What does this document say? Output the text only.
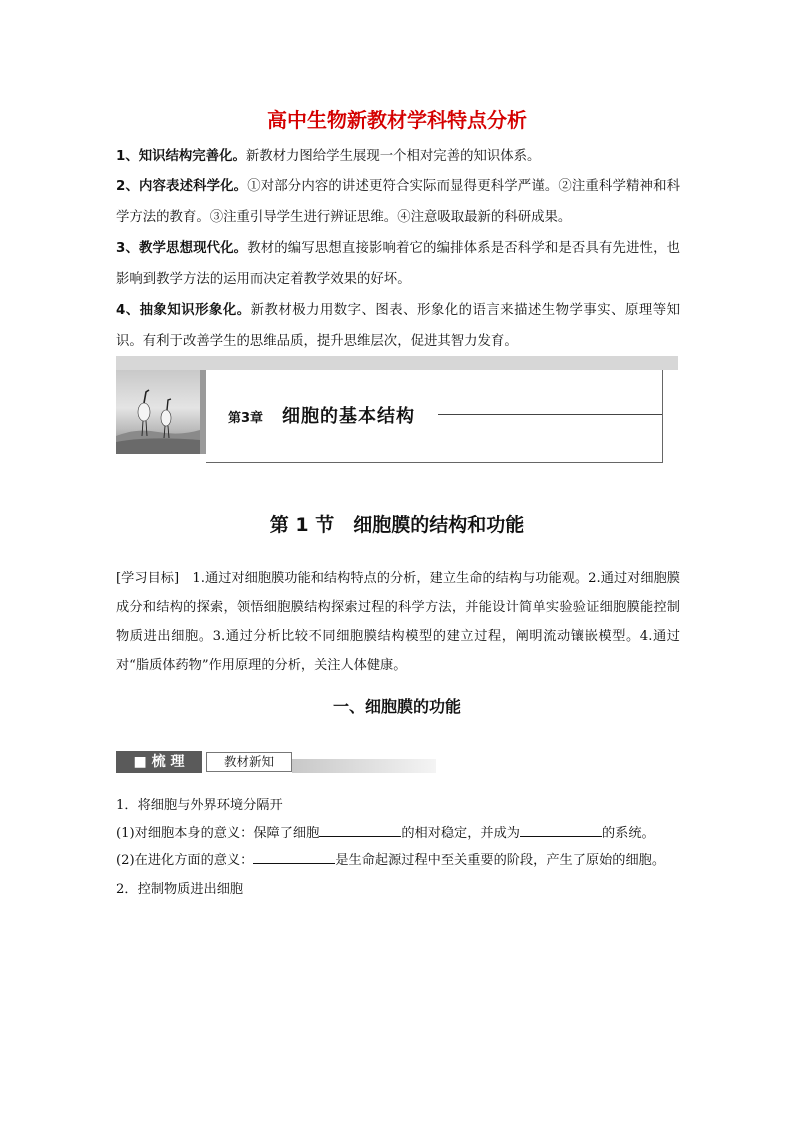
高中生物新教材学科特点分析
1、知识结构完善化。新教材力图给学生展现一个相对完善的知识体系。
2、内容表述科学化。①对部分内容的讲述更符合实际而显得更科学严谨。②注重科学精神和科学方法的教育。③注重引导学生进行辨证思维。④注意吸取最新的科研成果。
3、教学思想现代化。教材的编写思想直接影响着它的编排体系是否科学和是否具有先进性，也影响到教学方法的运用而决定着教学效果的好坏。
4、抽象知识形象化。新教材极力用数字、图表、形象化的语言来描述生物学事实、原理等知识。有利于改善学生的思维品质，提升思维层次，促进其智力发育。
第3章 细胞的基本结构
第 1 节　细胞膜的结构和功能
[学习目标]　1.通过对细胞膜功能和结构特点的分析，建立生命的结构与功能观。2.通过对细胞膜成分和结构的探索，领悟细胞膜结构探索过程的科学方法，并能设计简单实验验证细胞膜能控制物质进出细胞。3.通过分析比较不同细胞膜结构模型的建立过程，阐明流动镶嵌模型。4.通过对“脂质体药物”作用原理的分析，关注人体健康。
一、细胞膜的功能
■ 梳 理	教材新知
1．将细胞与外界环境分隔开
(1)对细胞本身的意义：保障了细胞	的相对稳定，并成为	的系统。
(2)在进化方面的意义：	是生命起源过程中至关重要的阶段，产生了原始的细胞。
2．控制物质进出细胞
